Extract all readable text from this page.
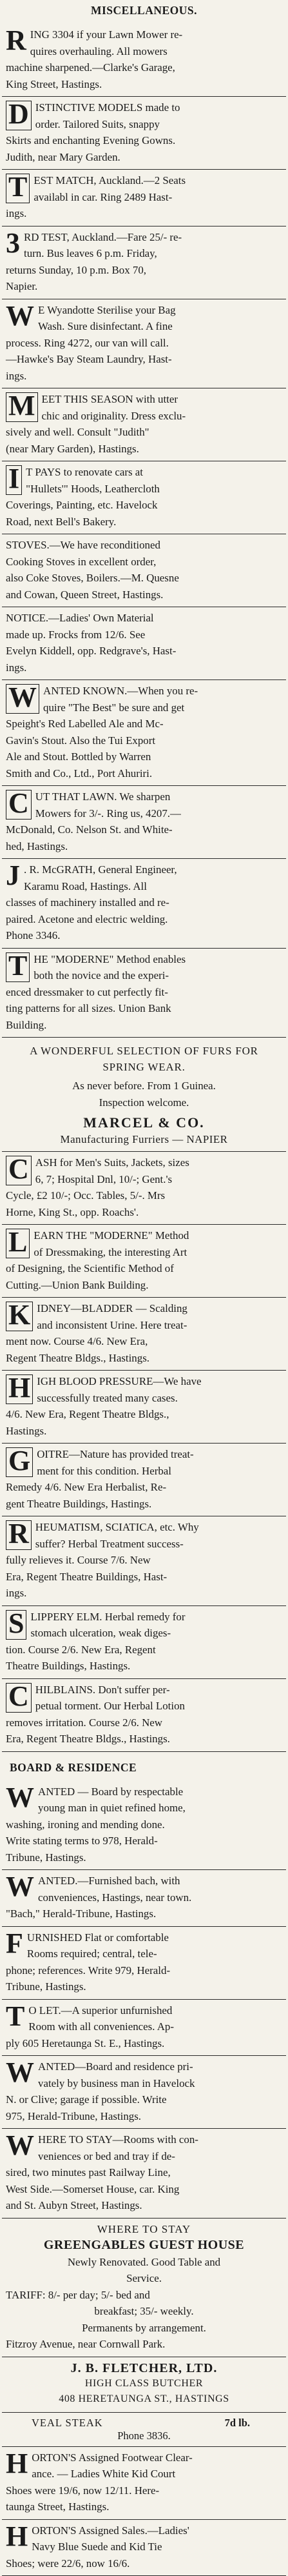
MISCELLANEOUS.
R ING 3304 if your Lawn Mower re-
quires overhauling. All mowers
machine sharpened.—Clarke's Garage,
King Street, Hastings.
D ISTINCTIVE MODELS made to
order. Tailored Suits, snappy
Skirts and enchanting Evening Gowns.
Judith, near Mary Garden.
T EST MATCH, Auckland.—2 Seats
availabl in car. Ring 2489 Hast-
ings.
3 RD TEST, Auckland.—Fare 25/- re-
turn. Bus leaves 6 p.m. Friday,
returns Sunday, 10 p.m. Box 70,
Napier.
W E Wyandotte Sterilise your Bag
Wash. Sure disinfectant. A fine
process. Ring 4272, our van will call.
—Hawke's Bay Steam Laundry, Hast-
ings.
M EET THIS SEASON with utter
chic and originality. Dress exclu-
sively and well. Consult "Judith"
(near Mary Garden), Hastings.
I T PAYS to renovate cars at
"Hullets'" Hoods, Leathercloth
Coverings, Painting, etc. Havelock
Road, next Bell's Bakery.
STOVES.—We have reconditioned
Cooking Stoves in excellent order,
also Coke Stoves, Boilers.—M. Quesne
and Cowan, Queen Street, Hastings.
NOTICE.—Ladies' Own Material
made up. Frocks from 12/6. See
Evelyn Kiddell, opp. Redgrave's, Hast-
ings.
W ANTED KNOWN.—When you re-
quire "The Best" be sure and get
Speight's Red Labelled Ale and Mc-
Gavin's Stout. Also the Tui Export
Ale and Stout. Bottled by Warren
Smith and Co., Ltd., Port Ahuriri.
C UT THAT LAWN. We sharpen
Mowers for 3/-. Ring us, 4207.—
McDonald, Co. Nelson St. and White-
hed, Hastings.
J . R. McGRATH, General Engineer,
Karamu Road, Hastings. All
classes of machinery installed and re-
paired. Acetone and electric welding.
Phone 3346.
T HE "MODERNE" Method enables
both the novice and the experi-
enced dressmaker to cut perfectly fit-
ting patterns for all sizes. Union Bank
Building.
A WONDERFUL SELECTION OF FURS FOR SPRING WEAR.
As never before. From 1 Guinea.
Inspection welcome.
MARCEL & CO.
Manufacturing Furriers — NAPIER
C ASH for Men's Suits, Jackets, sizes
6, 7; Hospital Dnl, 10/-; Gent.'s
Cycle, £2 10/-; Occ. Tables, 5/-. Mrs
Horne, King St., opp. Roachs'.
L EARN THE "MODERNE" Method
of Dressmaking, the interesting Art
of Designing, the Scientific Method of
Cutting.—Union Bank Building.
K IDNEY—BLADDER — Scalding
and inconsistent Urine. Here treat-
ment now. Course 4/6. New Era,
Regent Theatre Bldgs., Hastings.
H IGH BLOOD PRESSURE—We have
successfully treated many cases.
4/6. New Era, Regent Theatre Bldgs.,
Hastings.
G OITRE—Nature has provided treat-
ment for this condition. Herbal
Remedy 4/6. New Era Herbalist, Re-
gent Theatre Buildings, Hastings.
R HEUMATISM, SCIATICA, etc. Why
suffer? Herbal Treatment success-
fully relieves it. Course 7/6. New
Era, Regent Theatre Buildings, Hast-
ings.
S LIPPERY ELM. Herbal remedy for
stomach ulceration, weak diges-
tion. Course 2/6. New Era, Regent
Theatre Buildings, Hastings.
C HILBLAINS. Don't suffer per-
petual torment. Our Herbal Lotion
removes irritation. Course 2/6. New
Era, Regent Theatre Bldgs., Hastings.
BOARD & RESIDENCE
W ANTED — Board by respectable
young man in quiet refined home,
washing, ironing and mending done.
Write stating terms to 978, Herald-
Tribune, Hastings.
W ANTED.—Furnished bach, with
conveniences, Hastings, near town.
"Bach," Herald-Tribune, Hastings.
F URNISHED Flat or comfortable
Rooms required; central, tele-
phone; references. Write 979, Herald-
Tribune, Hastings.
T O LET.—A superior unfurnished
Room with all conveniences. Ap-
ply 605 Heretaunga St. E., Hastings.
W ANTED—Board and residence pri-
vately by business man in Havelock
N. or Clive; garage if possible. Write
975, Herald-Tribune, Hastings.
W HERE TO STAY—Rooms with con-
veniences or bed and tray if de-
sired, two minutes past Railway Line,
West Side.—Somerset House, car. King
and St. Aubyn Street, Hastings.
WHERE TO STAY
GREENGABLES GUEST HOUSE
Newly Renovated. Good Table and
Service.
TARIFF: 8/- per day; 5/- bed and
breakfast; 35/- weekly.
Permanents by arrangement.
Fitzroy Avenue, near Cornwall Park.
J. B. FLETCHER, LTD.
HIGH CLASS BUTCHER
408 HERETAUNGA ST., HASTINGS
VEAL STEAK	7d lb.
Phone 3836.
H ORTON'S Assigned Footwear Clear-
ance. — Ladies White Kid Court
Shoes were 19/6, now 12/11. Here-
taunga Street, Hastings.
H ORTON'S Assigned Sales.—Ladies'
Navy Blue Suede and Kid Tie
Shoes; were 22/6, now 16/6.
